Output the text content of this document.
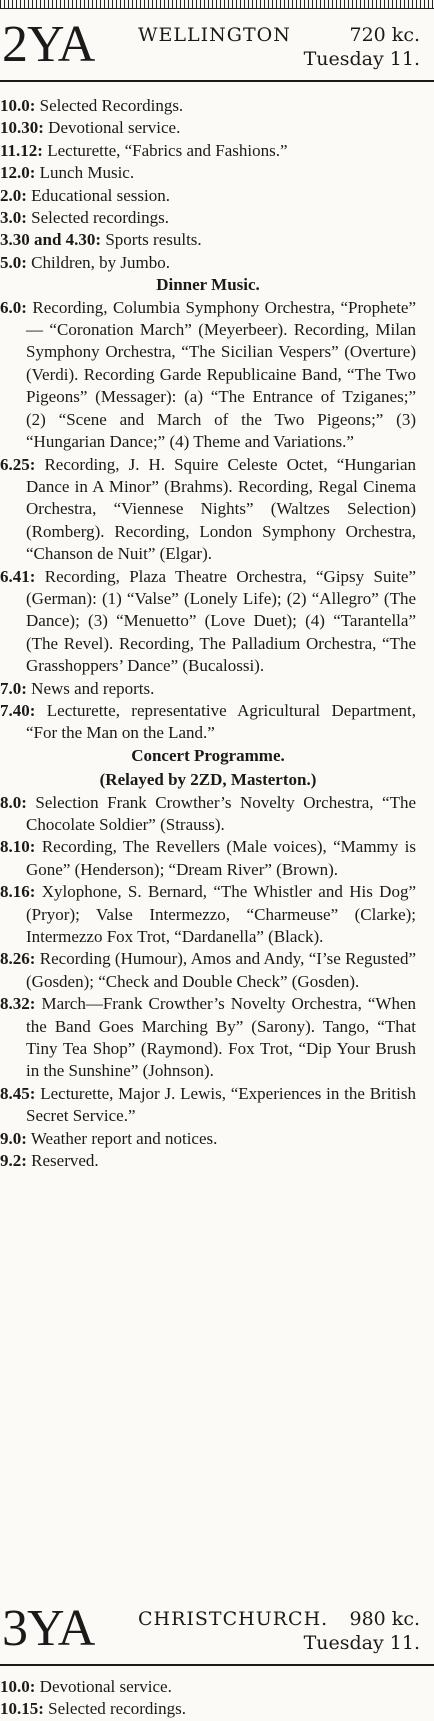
2YA WELLINGTON	720 kc.
Tuesday 11.

10.0: Selected Recordings.

10.30: Devotional service.

11.12: Lecturette, “Fabrics and Fashions.”

12.0: Lunch Music.

2.0: Educational session.

3.0: Selected recordings.

3.30 and 4.30: Sports results.

5.0: Children, by Jumbo.

Dinner Music.

6.0: Recording, Columbia Symphony Orchestra, “Prophete” — “Coronation March” (Meyerbeer). Recording, Milan Symphony Orchestra, “The Sicilian Vespers” (Overture) (Verdi). Recording Garde Republicaine Band, “The Two Pigeons” (Messager): (a) “The Entrance of Tziganes;” (2) “Scene and March of the Two Pigeons;” (3) “Hungarian Dance;” (4) Theme and Variations.”

6.25: Recording, J. H. Squire Celeste Octet, “Hungarian Dance in A Minor” (Brahms). Recording, Regal Cinema Orchestra, “Viennese Nights” (Waltzes Selection) (Romberg). Recording, London Symphony Orchestra, “Chanson de Nuit” (Elgar).

6.41: Recording, Plaza Theatre Orchestra, “Gipsy Suite” (German): (1) “Valse” (Lonely Life); (2) “Allegro” (The Dance); (3) “Menuetto” (Love Duet); (4) “Tarantella” (The Revel). Recording, The Palladium Orchestra, “The Grasshoppers’ Dance” (Bucalossi).

7.0: News and reports.

7.40: Lecturette, representative Agricultural Department, “For the Man on the Land.”

Concert Programme.

(Relayed by 2ZD, Masterton.)

8.0: Selection Frank Crowther’s Novelty Orchestra, “The Chocolate Soldier” (Strauss).

8.10: Recording, The Revellers (Male voices), “Mammy is Gone” (Henderson); “Dream River” (Brown).

8.16: Xylophone, S. Bernard, “The Whistler and His Dog” (Pryor); Valse Intermezzo, “Charmeuse” (Clarke); Intermezzo Fox Trot, “Dardanella” (Black).

8.26: Recording (Humour), Amos and Andy, “I’se Regusted” (Gosden); “Check and Double Check” (Gosden).

8.32: March—Frank Crowther’s Novelty Orchestra, “When the Band Goes Marching By” (Sarony). Tango, “That Tiny Tea Shop” (Raymond). Fox Trot, “Dip Your Brush in the Sunshine” (Johnson).

8.45: Lecturette, Major J. Lewis, “Experiences in the British Secret Service.”

9.0: Weather report and notices.

9.2: Reserved.

3YA CHRISTCHURCH. 980 kc.
Tuesday 11.

10.0: Devotional service.

10.15: Selected recordings.
